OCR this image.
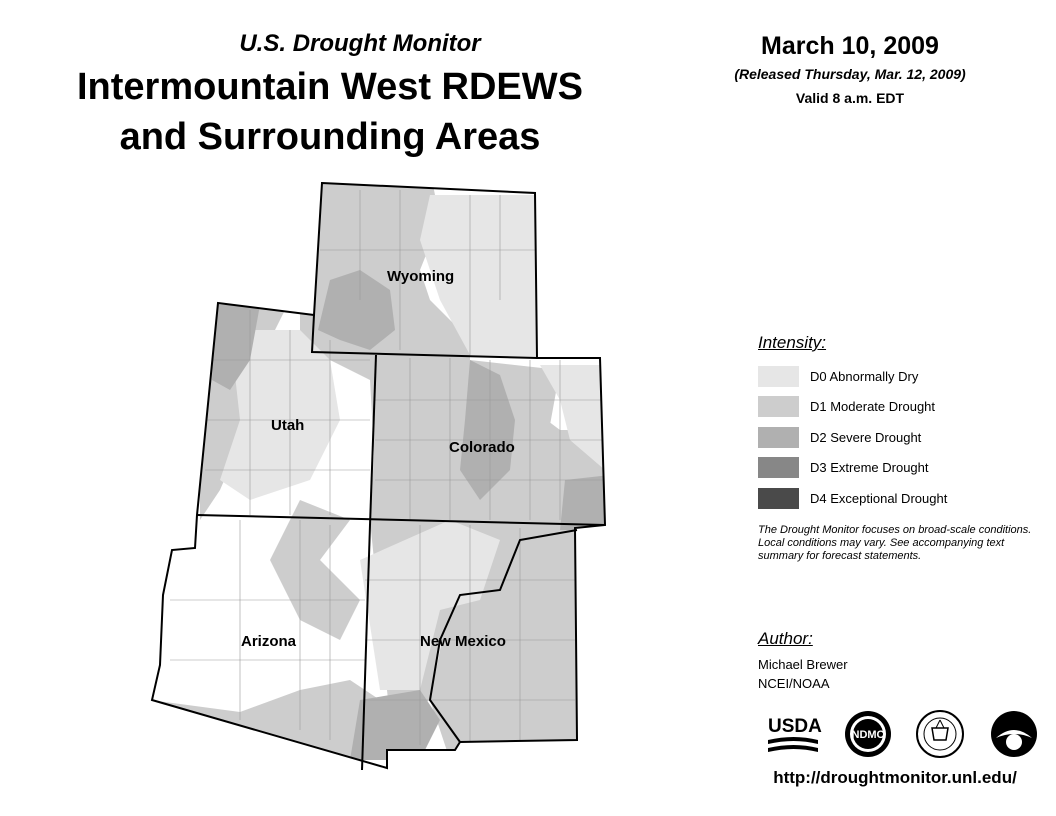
U.S. Drought Monitor
Intermountain West RDEWS
and Surrounding Areas
March 10, 2009
(Released Thursday, Mar. 12, 2009)
Valid 8 a.m. EDT
Wyoming
Utah
Colorado
Arizona	New Mexico
Intensity:
D0 Abnormally Dry
D1 Moderate Drought
D2 Severe Drought
D3 Extreme Drought
D4 Exceptional Drought
The Drought Monitor focuses on broad-scale conditions. Local conditions may vary. See accompanying text summary for forecast statements.
Author:
Michael Brewer
NCEI/NOAA
USDA	NDMC
http://droughtmonitor.unl.edu/
